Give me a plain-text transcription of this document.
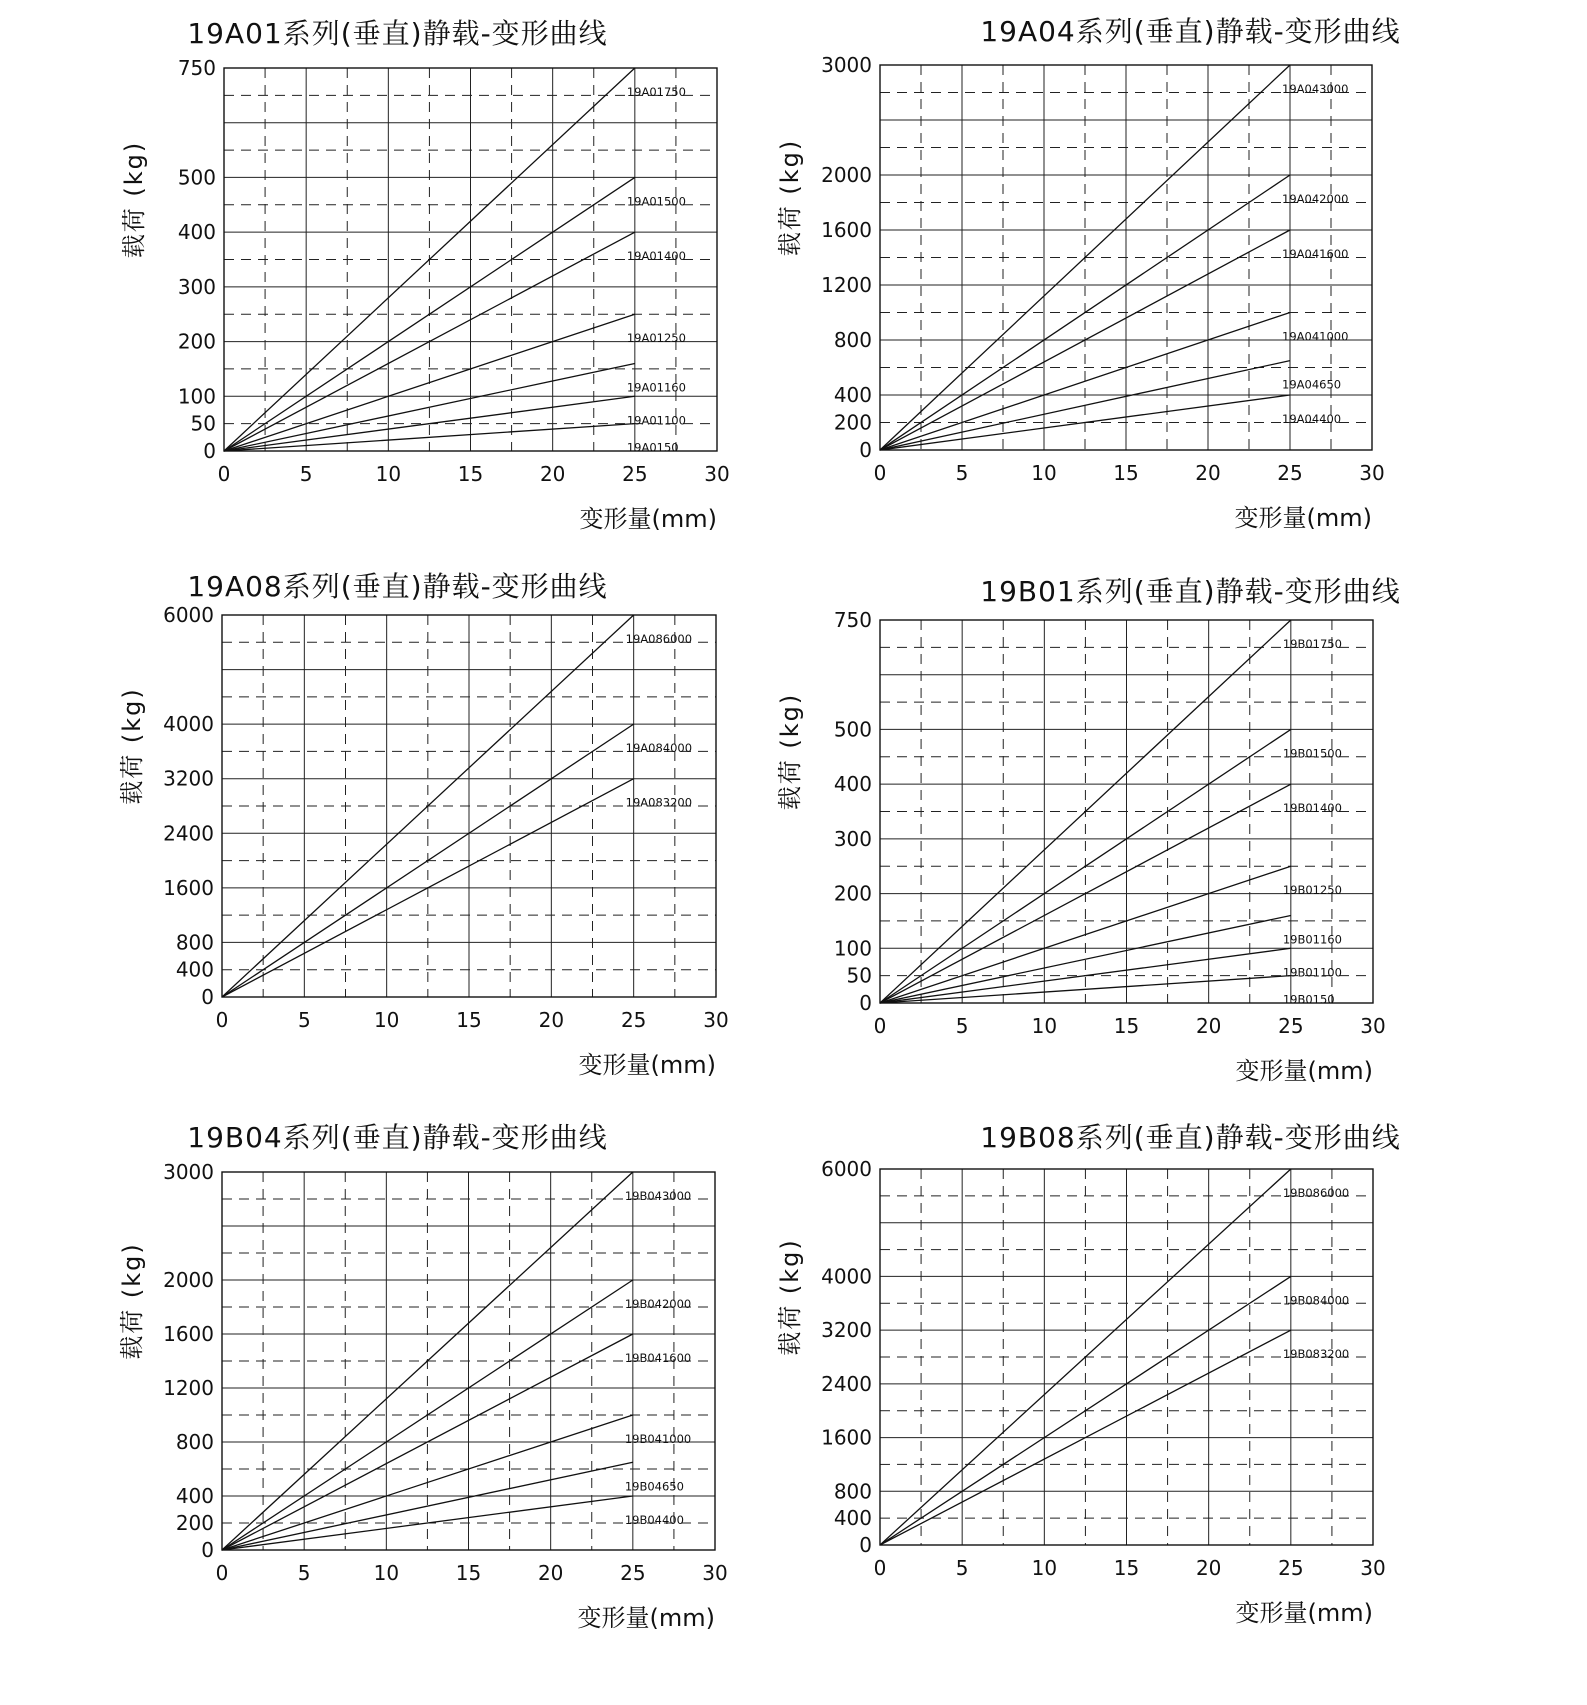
19A01系列(垂直)静载-变形曲线
0	5	10	15	20	25	30
0
50
100
200
300
400
500
750
19A01750
19A01500
19A01400
19A01250
19A01160
19A01100
19A0150
载荷 (kg)
变形量(mm)
19A04系列(垂直)静载-变形曲线
0	5	10	15	20	25	30
0
200
400
800
1200
1600
2000
3000
19A043000
19A042000
19A041600
19A041000
19A04650
19A04400
载荷 (kg)
变形量(mm)
19A08系列(垂直)静载-变形曲线
0	5	10	15	20	25	30
0
400
800
1600
2400
3200
4000
6000
19A086000
19A084000
19A083200
载荷 (kg)
变形量(mm)
19B01系列(垂直)静载-变形曲线
0	5	10	15	20	25	30
0
50
100
200
300
400
500
750
19B01750
19B01500
19B01400
19B01250
19B01160
19B01100
19B0150
载荷 (kg)
变形量(mm)
19B04系列(垂直)静载-变形曲线
0	5	10	15	20	25	30
0
200
400
800
1200
1600
2000
3000
19B043000
19B042000
19B041600
19B041000
19B04650
19B04400
载荷 (kg)
变形量(mm)
19B08系列(垂直)静载-变形曲线
0	5	10	15	20	25	30
0
400
800
1600
2400
3200
4000
6000
19B086000
19B084000
19B083200
载荷 (kg)
变形量(mm)
